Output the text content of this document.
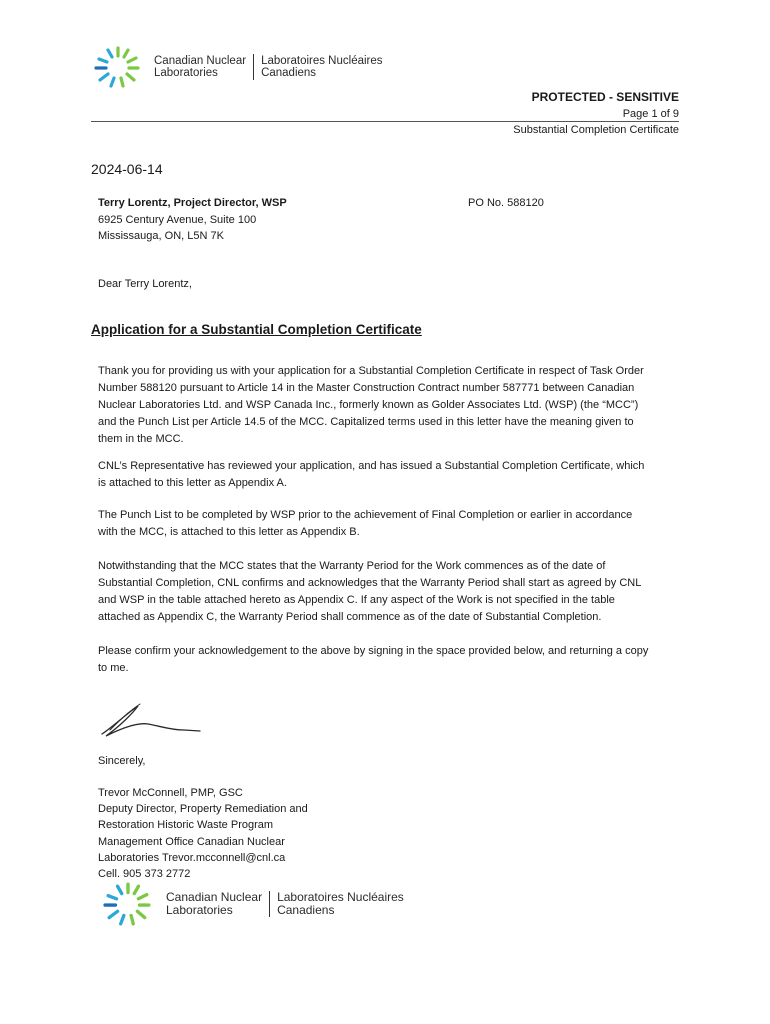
Canadian Nuclear
Laboratories
Laboratoires Nucléaires
Canadiens
PROTECTED - SENSITIVE
Page 1 of 9
Substantial Completion Certificate
2024-06-14
Terry Lorentz, Project Director, WSP
6925 Century Avenue, Suite 100
Mississauga, ON, L5N 7K
PO No. 588120
Dear Terry Lorentz,
Application for a Substantial Completion Certificate
Thank you for providing us with your application for a Substantial Completion Certificate in respect of Task Order
Number 588120 pursuant to Article 14 in the Master Construction Contract number 587771 between Canadian
Nuclear Laboratories Ltd. and WSP Canada Inc., formerly known as Golder Associates Ltd. (WSP) (the “MCC”)
and the Punch List per Article 14.5 of the MCC. Capitalized terms used in this letter have the meaning given to
them in the MCC.
CNL’s Representative has reviewed your application, and has issued a Substantial Completion Certificate, which
is attached to this letter as Appendix A.
The Punch List to be completed by WSP prior to the achievement of Final Completion or earlier in accordance
with the MCC, is attached to this letter as Appendix B.
Notwithstanding that the MCC states that the Warranty Period for the Work commences as of the date of
Substantial Completion, CNL confirms and acknowledges that the Warranty Period shall start as agreed by CNL
and WSP in the table attached hereto as Appendix C. If any aspect of the Work is not specified in the table
attached as Appendix C, the Warranty Period shall commence as of the date of Substantial Completion.
Please confirm your acknowledgement to the above by signing in the space provided below, and returning a copy
to me.
Sincerely,
Trevor McConnell, PMP, GSC
Deputy Director, Property Remediation and
Restoration Historic Waste Program
Management Office Canadian Nuclear
Laboratories Trevor.mcconnell@cnl.ca
Cell. 905 373 2772
Canadian Nuclear
Laboratories
Laboratoires Nucléaires
Canadiens
